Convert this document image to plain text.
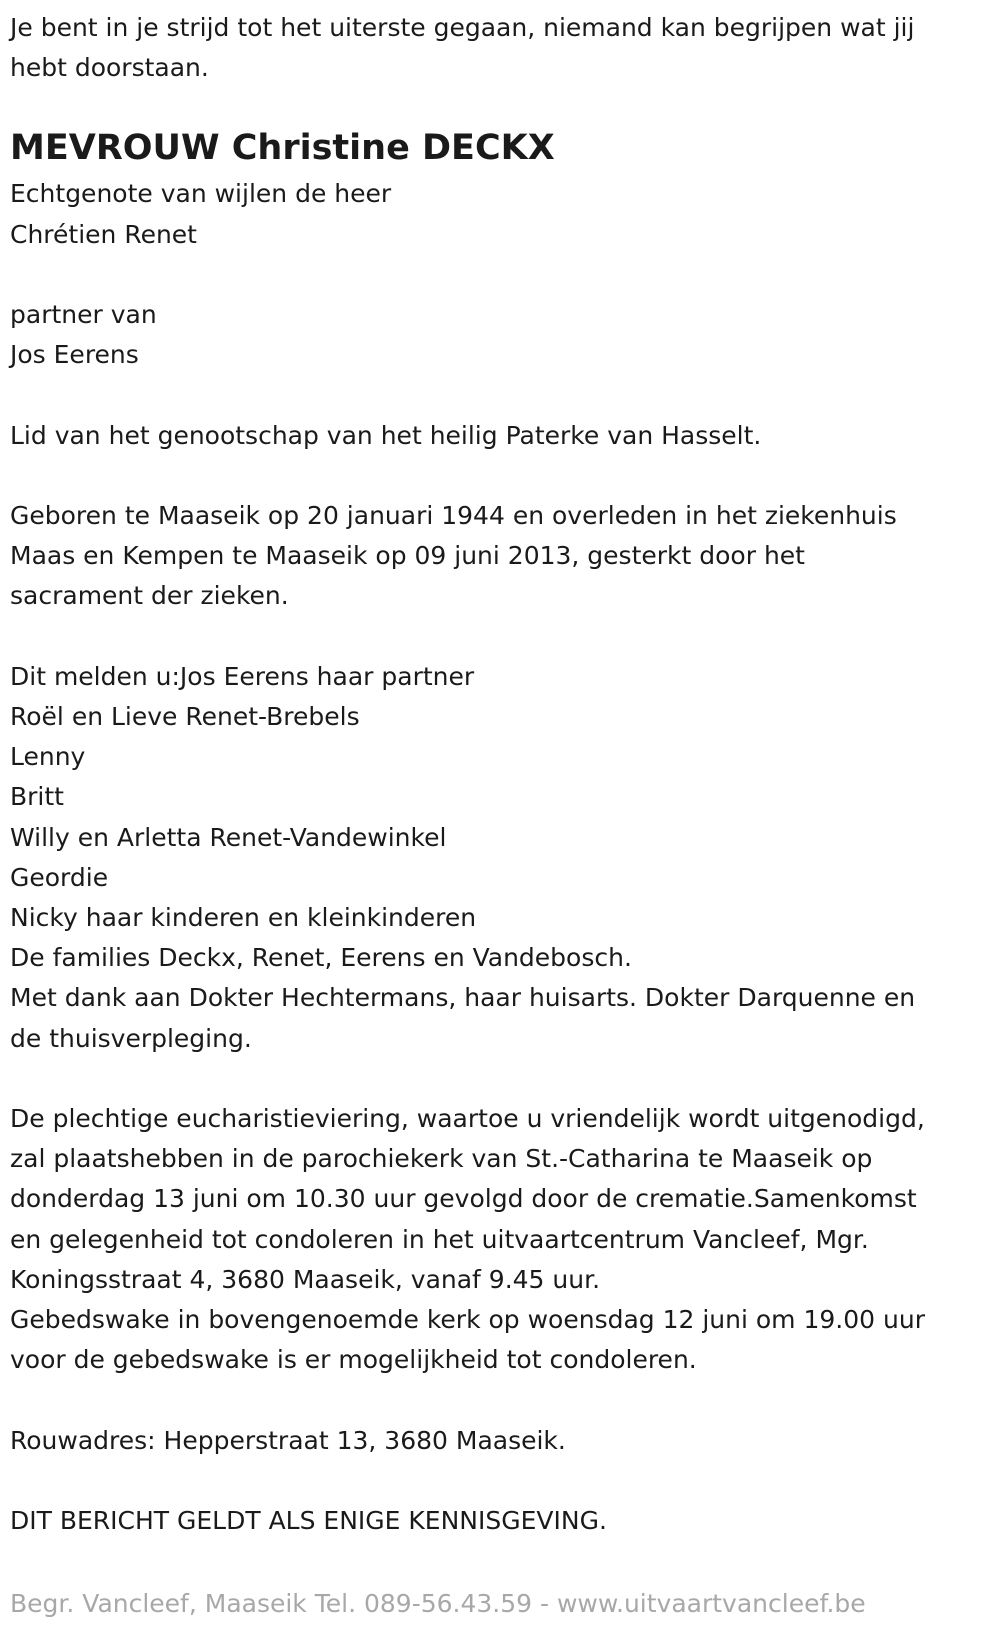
Je bent in je strijd tot het uiterste gegaan, niemand kan begrijpen wat jij

hebt doorstaan.

MEVROUW Christine DECKX

Echtgenote van wijlen de heer

Chrétien Renet

partner van

Jos Eerens

Lid van het genootschap van het heilig Paterke van Hasselt.

Geboren te Maaseik op 20 januari 1944 en overleden in het ziekenhuis

Maas en Kempen te Maaseik op 09 juni 2013, gesterkt door het

sacrament der zieken.

Dit melden u:Jos Eerens haar partner

Roël en Lieve Renet-Brebels

Lenny

Britt

Willy en Arletta Renet-Vandewinkel

Geordie

Nicky haar kinderen en kleinkinderen

De families Deckx, Renet, Eerens en Vandebosch.

Met dank aan Dokter Hechtermans, haar huisarts. Dokter Darquenne en

de thuisverpleging.

De plechtige eucharistieviering, waartoe u vriendelijk wordt uitgenodigd,

zal plaatshebben in de parochiekerk van St.-Catharina te Maaseik op

donderdag 13 juni om 10.30 uur gevolgd door de crematie.Samenkomst

en gelegenheid tot condoleren in het uitvaartcentrum Vancleef, Mgr.

Koningsstraat 4, 3680 Maaseik, vanaf 9.45 uur.

Gebedswake in bovengenoemde kerk op woensdag 12 juni om 19.00 uur

voor de gebedswake is er mogelijkheid tot condoleren.

Rouwadres: Hepperstraat 13, 3680 Maaseik.

DIT BERICHT GELDT ALS ENIGE KENNISGEVING.

Begr. Vancleef, Maaseik Tel. 089-56.43.59 - www.uitvaartvancleef.be
